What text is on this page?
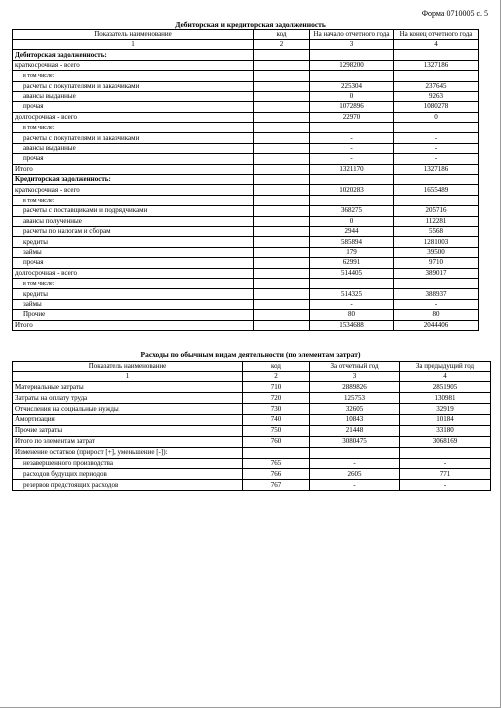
Форма 0710005 с. 5
Дебиторская и кредиторская задолженность
Показатель наименование	код	На начало отчетного года	На конец отчетного года
1	2	3	4
Дебиторская задолженность:			
краткосрочная - всего		1298200	1327186
в том числе:			
расчеты с покупателями и заказчиками		225304	237645
авансы выданные		0	9263
прочая		1072896	1080278
долгосрочная - всего		22970	0
в том числе:			
расчеты с покупателями и заказчиками		-	-
авансы выданные		-	-
прочая		-	-
Итого		1321170	1327186
Кредиторская задолженность:			
краткосрочная - всего		1020283	1655489
в том числе:			
расчеты с поставщиками и подрядчиками		368275	205716
авансы полученные		0	112281
расчеты по налогам и сборам		2944	5568
кредиты		585894	1281003
займы		179	39500
прочая		62991	9710
долгосрочная - всего		514405	389017
в том числе:			
кредиты		514325	388937
займы		-	-
Прочие		80	80
Итого		1534688	2044406
Расходы по обычным видам деятельности (по элементам затрат)
Показатель наименование	код	За отчетный год	За предыдущий год
1	2	3	4
Материальные затраты	710	2889826	2851905
Затраты на оплату труда	720	125753	130981
Отчисления на социальные нужды	730	32605	32919
Амортизация	740	10843	10184
Прочие затраты	750	21448	33180
Итого по элементам затрат	760	3080475	3068169
Изменение остатков (прирост [+], уменьшение [-]):			
незавершенного производства	765	-	-
расходов будущих периодов	766	2605	771
резервов предстоящих расходов	767	-	-
